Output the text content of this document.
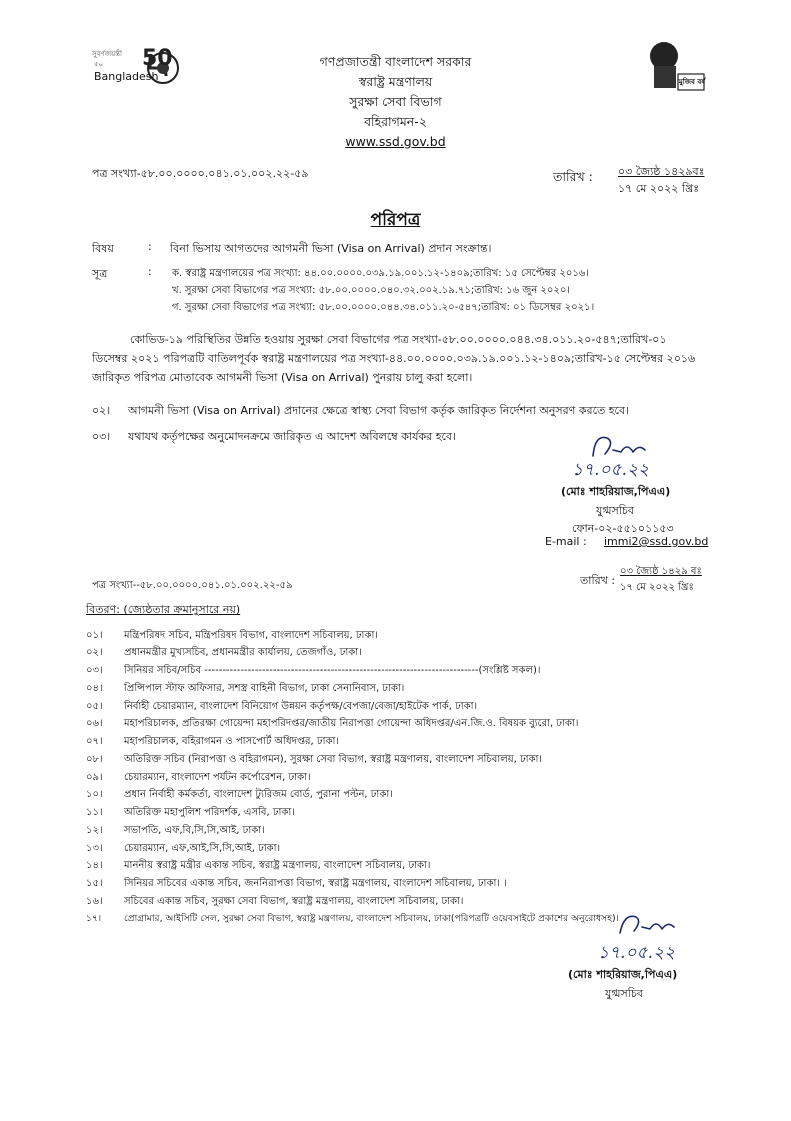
সুবর্ণজয়ন্তী
৫০
Bangladesh
50	গণপ্রজাতন্ত্রী বাংলাদেশ সরকার
স্বরাষ্ট্র মন্ত্রণালয়
সুরক্ষা সেবা বিভাগ
বহিরাগমন-২
www.ssd.gov.bd
মুজিব বর্ষ
পত্র সংখ্যা-৫৮.০০.০০০০.০৪১.০১.০০২.২২-৫৯	তারিখ : ০৩ জ্যৈষ্ঠ ১৪২৯বঃ
১৭ মে ২০২২ খ্রিঃ
পরিপত্র
বিষয়	: বিনা ভিসায় আগতদের আগমনী ভিসা (Visa on Arrival) প্রদান সংক্রান্ত।
সূত্র	: ক. স্বরাষ্ট্র মন্ত্রণালয়ের পত্র সংখ্যা: ৪৪.০০.০০০০.০৩৯.১৯.০০১.১২-১৪০৯;তারিখ: ১৫ সেপ্টেম্বর ২০১৬।
খ. সুরক্ষা সেবা বিভাগের পত্র সংখ্যা: ৫৮.০০.০০০০.০৪০.৩২.০০২.১৯.৭১;তারিখ: ১৬ জুন ২০২০।
গ. সুরক্ষা সেবা বিভাগের পত্র সংখ্যা: ৫৮.০০.০০০০.০৪৪.৩৪.০১১.২০-৫৪৭;তারিখ: ০১ ডিসেম্বর ২০২১।
কোভিড-১৯ পরিস্থিতির উন্নতি হওয়ায় সুরক্ষা সেবা বিভাগের পত্র সংখ্যা-৫৮.০০.০০০০.০৪৪.৩৪.০১১.২০-৫৪৭;তারিখ-০১
ডিসেম্বর ২০২১ পরিপত্রটি বাতিলপূর্বক স্বরাষ্ট্র মন্ত্রণালয়ের পত্র সংখ্যা-৪৪.০০.০০০০.০৩৯.১৯.০০১.১২-১৪০৯;তারিখ-১৫ সেপ্টেম্বর ২০১৬
জারিকৃত পরিপত্র মোতাবেক আগমনী ভিসা (Visa on Arrival) পুনরায় চালু করা হলো।
০২। আগমনী ভিসা (Visa on Arrival) প্রদানের ক্ষেত্রে স্বাস্থ্য সেবা বিভাগ কর্তৃক জারিকৃত নির্দেশনা অনুসরণ করতে হবে।
০৩। যথাযথ কর্তৃপক্ষের অনুমোদনক্রমে জারিকৃত এ আদেশ অবিলম্বে কার্যকর হবে।
১৭.০৫.২২
(মোঃ শাহরিয়াজ,পিএএ)
যুগ্মসচিব
ফোন-০২-৫৫১০১১৫৩
E-mail : immi2@ssd.gov.bd
পত্র সংখ্যা--৫৮.০০.০০০০.০৪১.০১.০০২.২২-৫৯	তারিখ :
০৩ জ্যৈষ্ঠ ১৪২৯ বঃ
১৭ মে ২০২২ খ্রিঃ
বিতরণ: (জ্যেষ্ঠতার ক্রমানুসারে নয়)
০১। মন্ত্রিপরিষদ সচিব, মন্ত্রিপরিষদ বিভাগ, বাংলাদেশ সচিবালয়, ঢাকা।
০২। প্রধানমন্ত্রীর মুখ্যসচিব, প্রধানমন্ত্রীর কার্যালয়, তেজগাঁও, ঢাকা।
০৩। সিনিয়র সচিব/সচিব ----------------------------------------------------------------------------(সংশ্লিষ্ট সকল)।
০৪। প্রিন্সিপাল স্টাফ অফিসার, সশস্ত্র বাহিনী বিভাগ, ঢাকা সেনানিবাস, ঢাকা।
০৫। নির্বাহী চেয়ারম্যান, বাংলাদেশ বিনিয়োগ উন্নয়ন কর্তৃপক্ষ/বেপজা/বেজা/হাইটেক পার্ক, ঢাকা।
০৬। মহাপরিচালক, প্রতিরক্ষা গোয়েন্দা মহাপরিদপ্তর/জাতীয় নিরাপত্তা গোয়েন্দা অধিদপ্তর/এন.জি.ও. বিষয়ক ব্যুরো, ঢাকা।
০৭। মহাপরিচালক, বহিরাগমন ও পাসপোর্ট অধিদপ্তর, ঢাকা।
০৮। অতিরিক্ত সচিব (নিরাপত্তা ও বহিরাগমন), সুরক্ষা সেবা বিভাগ, স্বরাষ্ট্র মন্ত্রণালয়, বাংলাদেশ সচিবালয়, ঢাকা।
০৯। চেয়ারম্যান, বাংলাদেশ পর্যটন কর্পোরেশন, ঢাকা।
১০। প্রধান নির্বাহী কর্মকর্তা, বাংলাদেশ ট্যুরিজম বোর্ড, পুরানা পল্টন, ঢাকা।
১১। অতিরিক্ত মহাপুলিশ পরিদর্শক, এসবি, ঢাকা।
১২। সভাপতি, এফ,বি,সি,সি,আই, ঢাকা।
১৩। চেয়ারম্যান, এফ,আই,সি,সি,আই, ঢাকা।
১৪। মাননীয় স্বরাষ্ট্র মন্ত্রীর একান্ত সচিব, স্বরাষ্ট্র মন্ত্রণালয়, বাংলাদেশ সচিবালয়, ঢাকা।
১৫। সিনিয়র সচিবের একান্ত সচিব, জননিরাপত্তা বিভাগ, স্বরাষ্ট্র মন্ত্রণালয়, বাংলাদেশ সচিবালয়, ঢাকা। ।
১৬। সচিবের একান্ত সচিব, সুরক্ষা সেবা বিভাগ, স্বরাষ্ট্র মন্ত্রণালয়, বাংলাদেশ সচিবালয়, ঢাকা।
১৭। প্রোগ্রামার, আইসিটি সেল, সুরক্ষা সেবা বিভাগ, স্বরাষ্ট্র মন্ত্রণালয়, বাংলাদেশ সচিবালয়, ঢাকা(পরিপত্রটি ওয়েবসাইটে প্রকাশের অনুরোধসহ)।
১৭.০৫.২২
(মোঃ শাহরিয়াজ,পিএএ)
যুগ্মসচিব
